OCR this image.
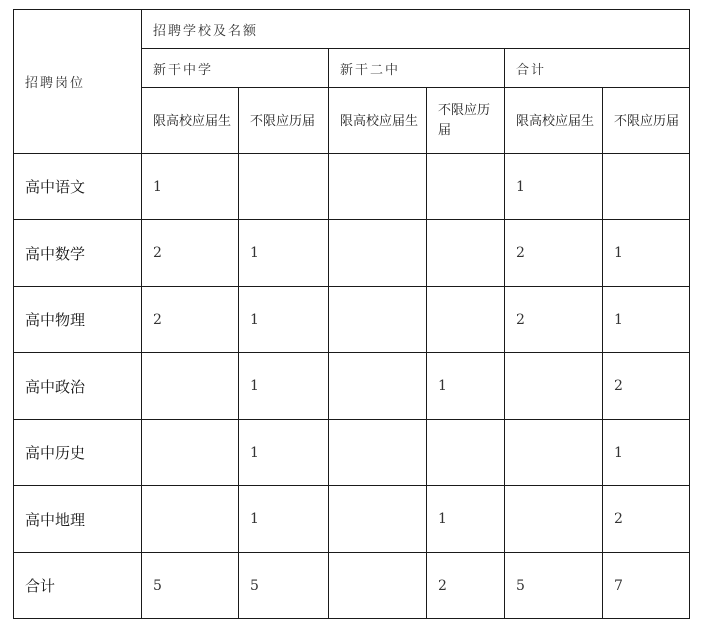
招聘岗位	招聘学校及名额					
	新干中学		新干二中		合计	
	限高校应届生	不限应历届	限高校应届生	不限应历届	限高校应届生	不限应历届
高中语文	1				1	
高中数学	2	1			2	1
高中物理	2	1			2	1
高中政治		1		1		2
高中历史		1				1
高中地理		1		1		2
合计	5	5		2	5	7
